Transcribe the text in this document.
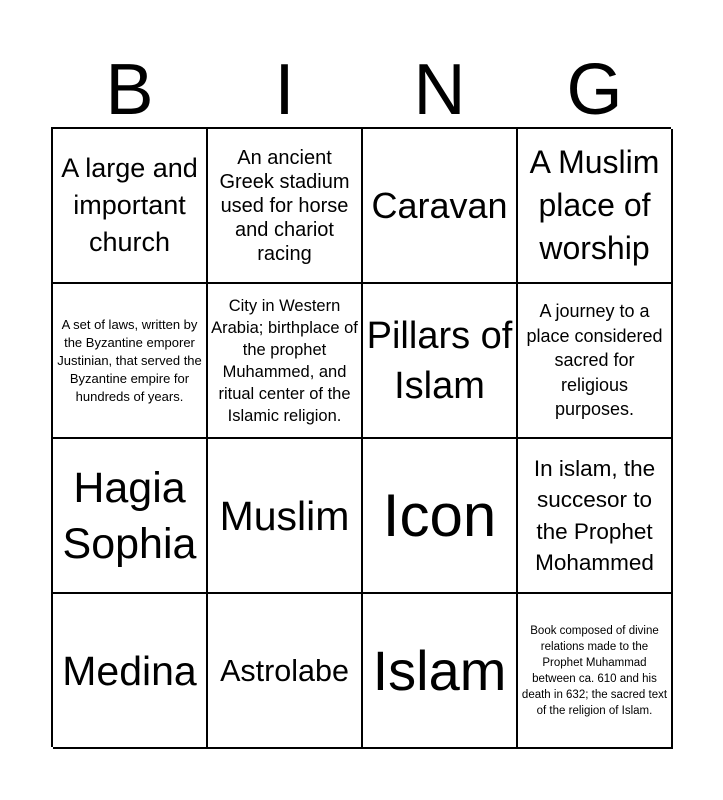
B	I	N	G
A large and important church
An ancient Greek stadium used for horse and chariot racing
Caravan
A Muslim place of worship
A set of laws, written by the Byzantine emporer Justinian, that served the Byzantine empire for hundreds of years.
City in Western Arabia; birthplace of the prophet Muhammed, and ritual center of the Islamic religion.
Pillars of Islam
A journey to a place considered sacred for religious purposes.
Hagia Sophia
Muslim Icon
In islam, the succesor to the Prophet Mohammed
Medina Astrolabe Islam
Book composed of divine relations made to the Prophet Muhammad between ca. 610 and his death in 632; the sacred text of the religion of Islam.
